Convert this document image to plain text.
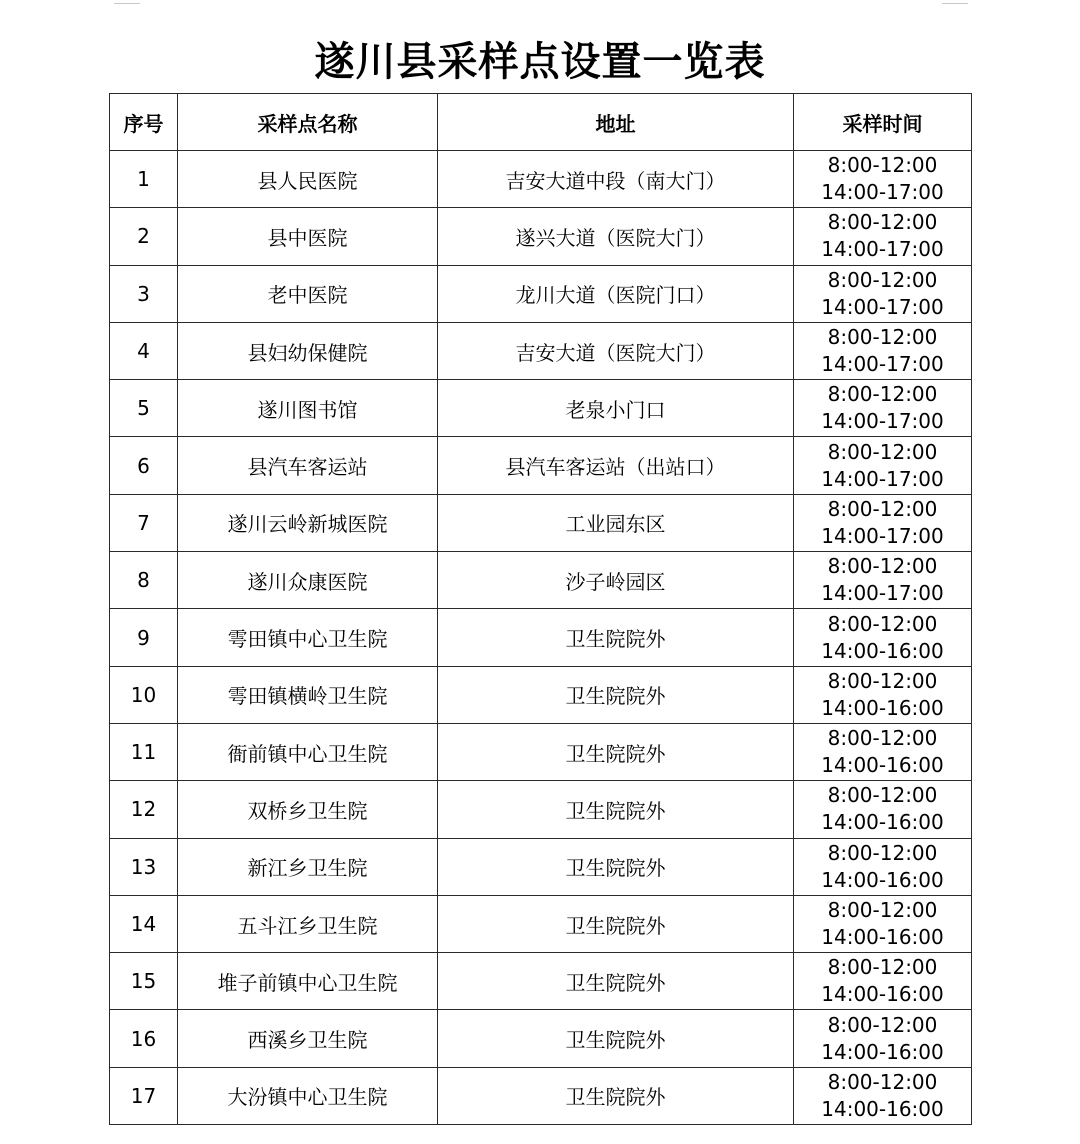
遂川县采样点设置一览表
序号	采样点名称	地址	采样时间
1	县人民医院	吉安大道中段（南大门）	8:00-12:00
14:00-17:00

2	县中医院	遂兴大道（医院大门）	8:00-12:00
14:00-17:00

3	老中医院	龙川大道（医院门口）	8:00-12:00
14:00-17:00

4	县妇幼保健院	吉安大道（医院大门）	8:00-12:00
14:00-17:00

5	遂川图书馆	老泉小门口	8:00-12:00
14:00-17:00

6	县汽车客运站	县汽车客运站（出站口）	8:00-12:00
14:00-17:00

7	遂川云岭新城医院	工业园东区	8:00-12:00
14:00-17:00

8	遂川众康医院	沙子岭园区	8:00-12:00
14:00-17:00

9	雩田镇中心卫生院	卫生院院外	8:00-12:00
14:00-16:00

10	雩田镇横岭卫生院	卫生院院外	8:00-12:00
14:00-16:00

11	衙前镇中心卫生院	卫生院院外	8:00-12:00
14:00-16:00

12	双桥乡卫生院	卫生院院外	8:00-12:00
14:00-16:00

13	新江乡卫生院	卫生院院外	8:00-12:00
14:00-16:00

14	五斗江乡卫生院	卫生院院外	8:00-12:00
14:00-16:00

15	堆子前镇中心卫生院	卫生院院外	8:00-12:00
14:00-16:00

16	西溪乡卫生院	卫生院院外	8:00-12:00
14:00-16:00

17	大汾镇中心卫生院	卫生院院外	8:00-12:00
14:00-16:00
